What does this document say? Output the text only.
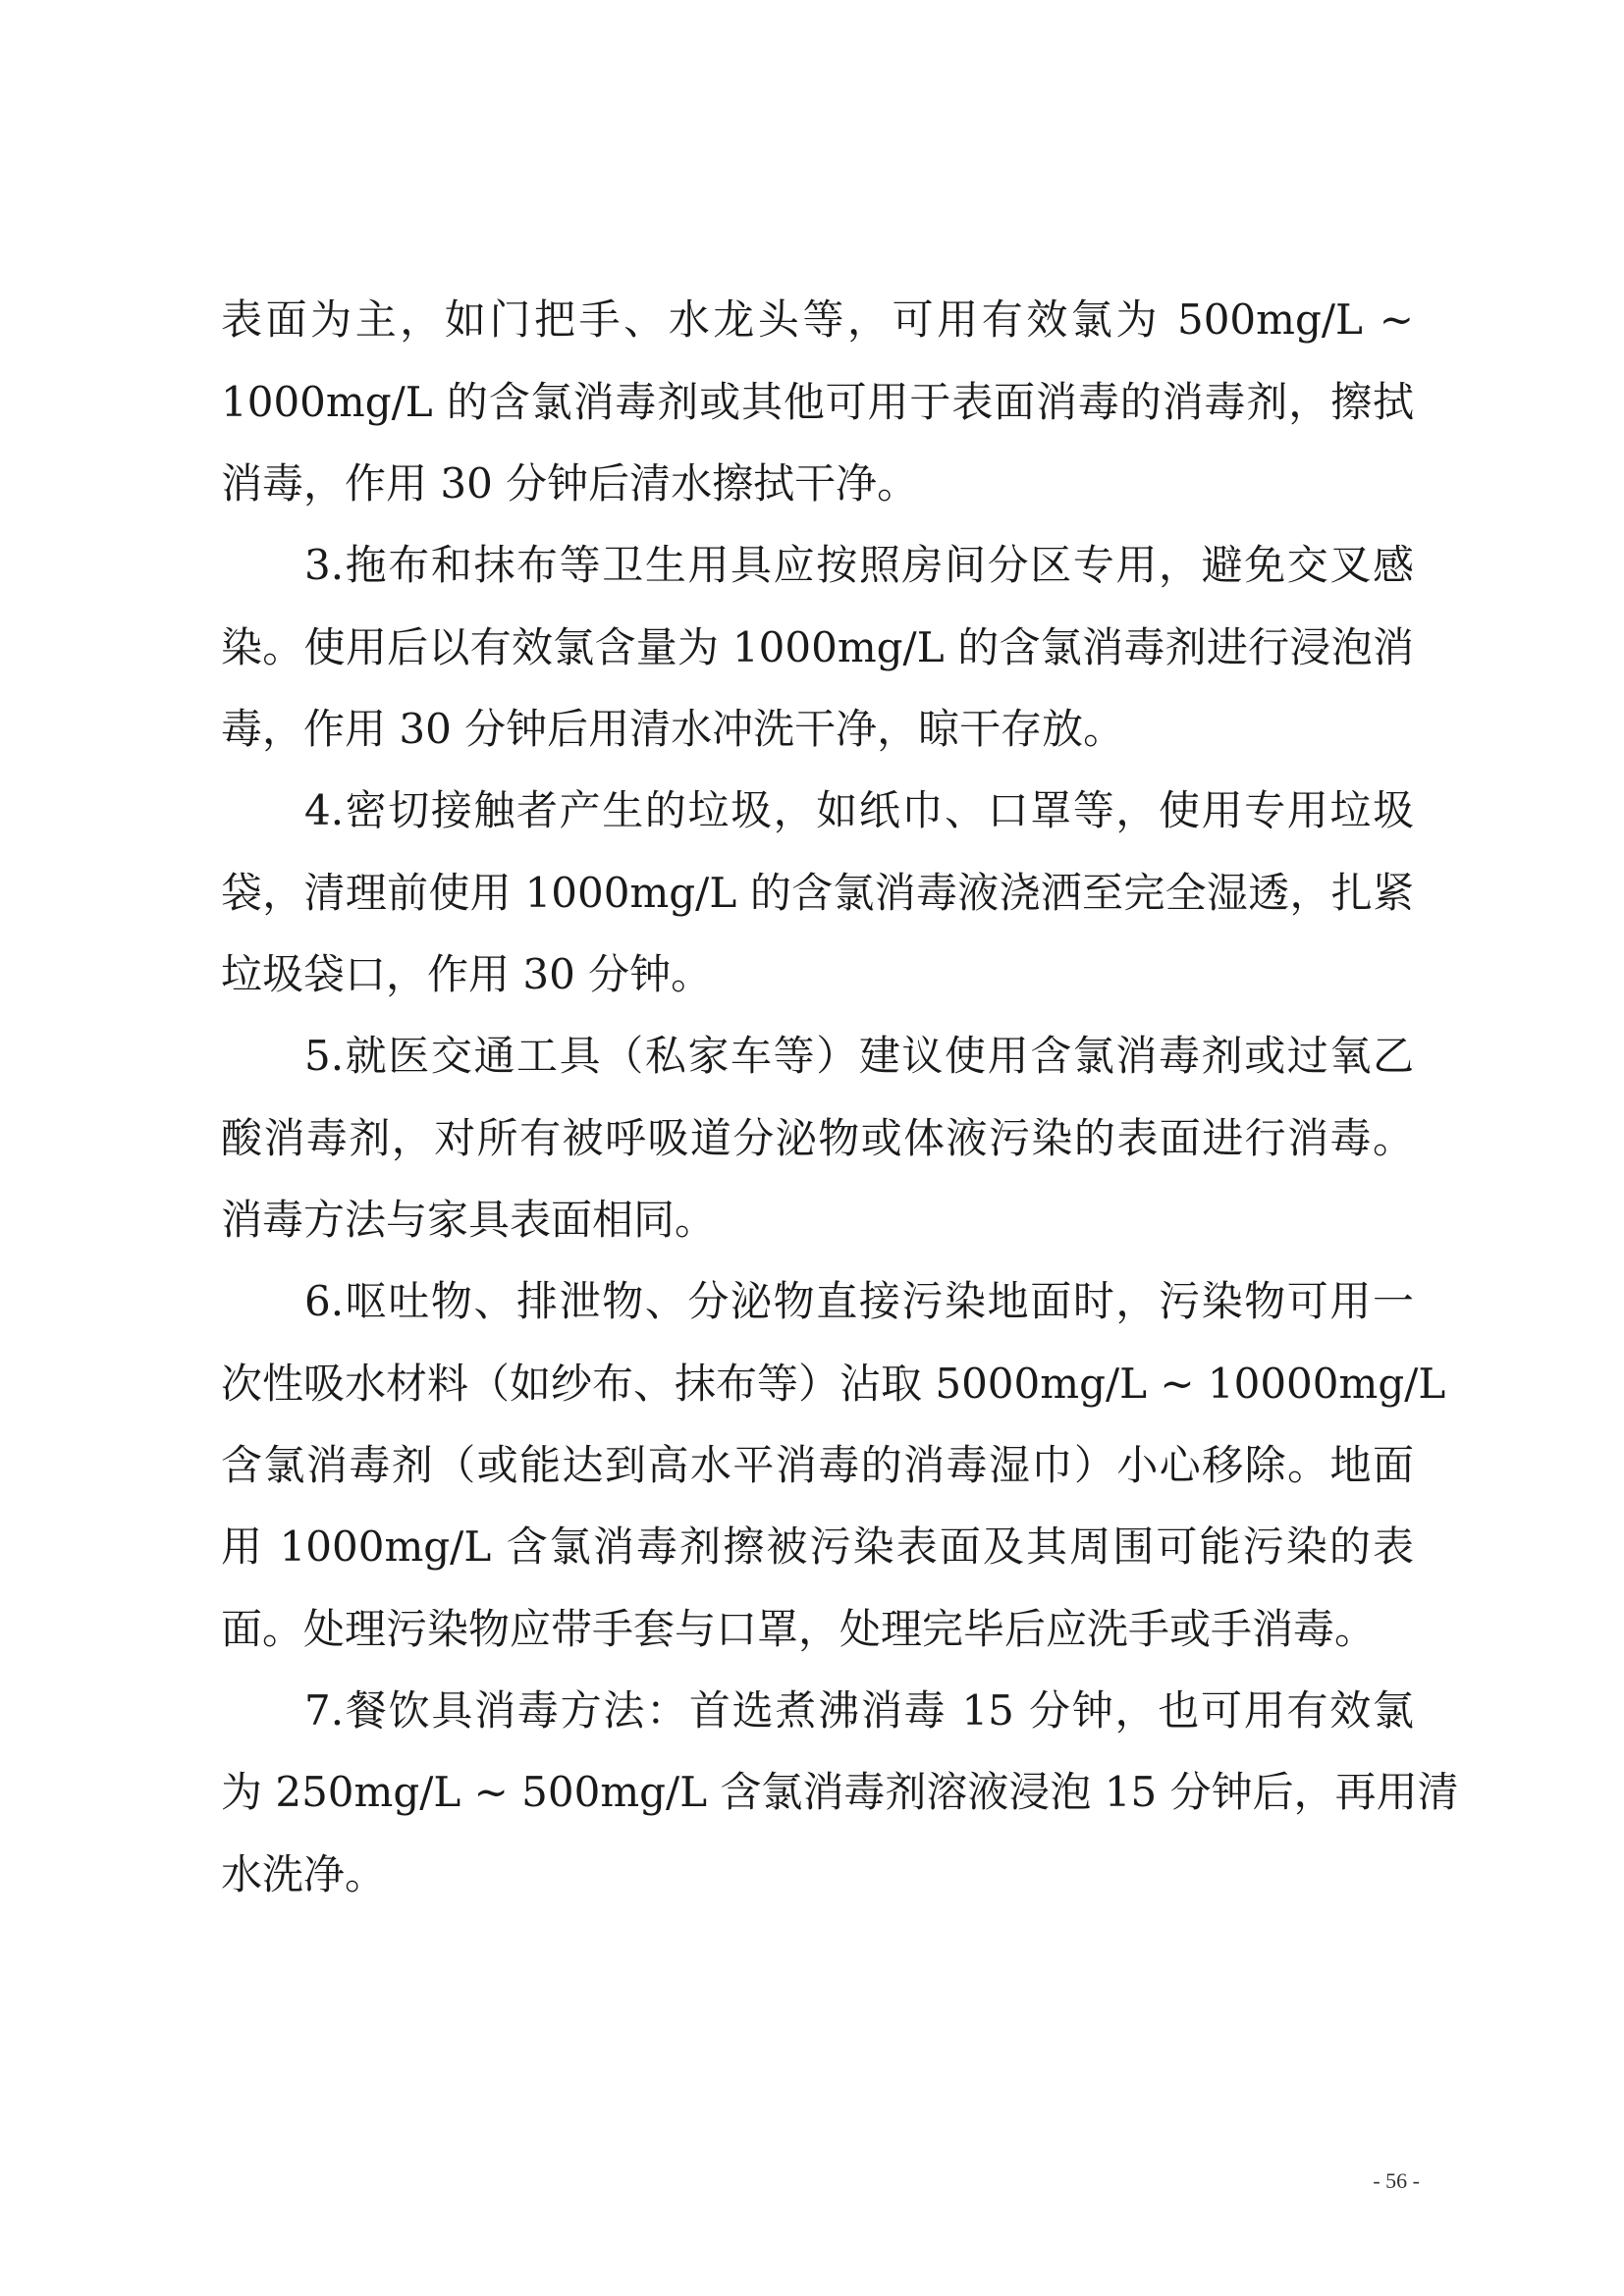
表面为主，如门把手、水龙头等，可用有效氯为 500mg/L ~
1000mg/L 的含氯消毒剂或其他可用于表面消毒的消毒剂，擦拭
消毒，作用 30 分钟后清水擦拭干净。
3.拖布和抹布等卫生用具应按照房间分区专用，避免交叉感
染。使用后以有效氯含量为 1000mg/L 的含氯消毒剂进行浸泡消
毒，作用 30 分钟后用清水冲洗干净，晾干存放。
4.密切接触者产生的垃圾，如纸巾、口罩等，使用专用垃圾
袋，清理前使用 1000mg/L 的含氯消毒液浇洒至完全湿透，扎紧
垃圾袋口，作用 30 分钟。
5.就医交通工具（私家车等）建议使用含氯消毒剂或过氧乙
酸消毒剂，对所有被呼吸道分泌物或体液污染的表面进行消毒。
消毒方法与家具表面相同。
6.呕吐物、排泄物、分泌物直接污染地面时，污染物可用一
次性吸水材料（如纱布、抹布等）沾取 5000mg/L ~ 10000mg/L
含氯消毒剂（或能达到高水平消毒的消毒湿巾）小心移除。地面
用 1000mg/L 含氯消毒剂擦被污染表面及其周围可能污染的表
面。处理污染物应带手套与口罩，处理完毕后应洗手或手消毒。
7.餐饮具消毒方法：首选煮沸消毒 15 分钟，也可用有效氯
为 250mg/L ~ 500mg/L 含氯消毒剂溶液浸泡 15 分钟后，再用清
水洗净。
- 56 -
